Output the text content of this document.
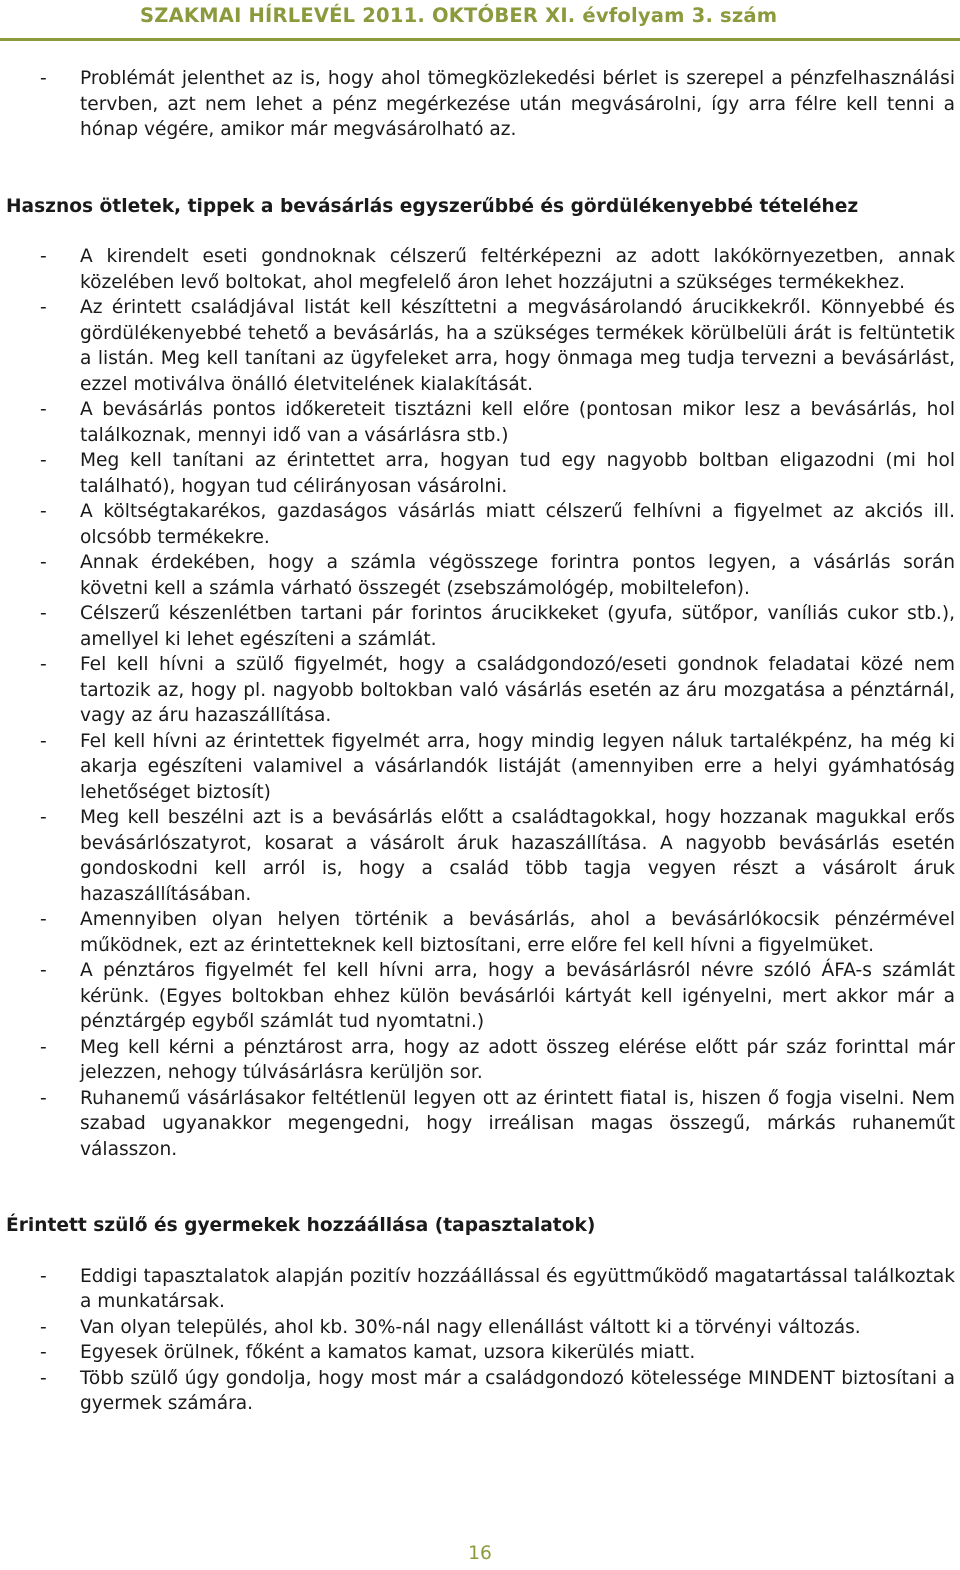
SZAKMAI HÍRLEVÉL 2011. OKTÓBER XI. évfolyam 3. szám
- Problémát jelenthet az is, hogy ahol tömegközlekedési bérlet is szerepel a pénzfelhasználási tervben, azt nem lehet a pénz megérkezése után megvásárolni, így arra félre kell tenni a hónap végére, amikor már megvásárolható az.
Hasznos ötletek, tippek a bevásárlás egyszerűbbé és gördülékenyebbé tételéhez
- A kirendelt eseti gondnoknak célszerű feltérképezni az adott lakókörnyezetben, annak közelében levő boltokat, ahol megfelelő áron lehet hozzájutni a szükséges termékekhez.
- Az érintett családjával listát kell készíttetni a megvásárolandó árucikkekről. Könnyebbé és gördülékenyebbé tehető a bevásárlás, ha a szükséges termékek körülbelüli árát is feltüntetik a listán. Meg kell tanítani az ügyfeleket arra, hogy önmaga meg tudja tervezni a bevásárlást, ezzel motiválva önálló életvitelének kialakítását.
- A bevásárlás pontos időkereteit tisztázni kell előre (pontosan mikor lesz a bevásárlás, hol találkoznak, mennyi idő van a vásárlásra stb.)
- Meg kell tanítani az érintettet arra, hogyan tud egy nagyobb boltban eligazodni (mi hol található), hogyan tud célirányosan vásárolni.
- A költségtakarékos, gazdaságos vásárlás miatt célszerű felhívni a figyelmet az akciós ill. olcsóbb termékekre.
- Annak érdekében, hogy a számla végösszege forintra pontos legyen, a vásárlás során követni kell a számla várható összegét (zsebszámológép, mobiltelefon).
- Célszerű készenlétben tartani pár forintos árucikkeket (gyufa, sütőpor, vaníliás cukor stb.), amellyel ki lehet egészíteni a számlát.
- Fel kell hívni a szülő figyelmét, hogy a családgondozó/eseti gondnok feladatai közé nem tartozik az, hogy pl. nagyobb boltokban való vásárlás esetén az áru mozgatása a pénztárnál, vagy az áru hazaszállítása.
- Fel kell hívni az érintettek figyelmét arra, hogy mindig legyen náluk tartalékpénz, ha még ki akarja egészíteni valamivel a vásárlandók listáját (amennyiben erre a helyi gyámhatóság lehetőséget biztosít)
- Meg kell beszélni azt is a bevásárlás előtt a családtagokkal, hogy hozzanak magukkal erős bevásárlószatyrot, kosarat a vásárolt áruk hazaszállítása. A nagyobb bevásárlás esetén gondoskodni kell arról is, hogy a család több tagja vegyen részt a vásárolt áruk hazaszállításában.
- Amennyiben olyan helyen történik a bevásárlás, ahol a bevásárlókocsik pénzérmével működnek, ezt az érintetteknek kell biztosítani, erre előre fel kell hívni a figyelmüket.
- A pénztáros figyelmét fel kell hívni arra, hogy a bevásárlásról névre szóló ÁFA-s számlát kérünk. (Egyes boltokban ehhez külön bevásárlói kártyát kell igényelni, mert akkor már a pénztárgép egyből számlát tud nyomtatni.)
- Meg kell kérni a pénztárost arra, hogy az adott összeg elérése előtt pár száz forinttal már jelezzen, nehogy túlvásárlásra kerüljön sor.
- Ruhanemű vásárlásakor feltétlenül legyen ott az érintett fiatal is, hiszen ő fogja viselni. Nem szabad ugyanakkor megengedni, hogy irreálisan magas összegű, márkás ruhaneműt válasszon.
Érintett szülő és gyermekek hozzáállása (tapasztalatok)
- Eddigi tapasztalatok alapján pozitív hozzáállással és együttműködő magatartással találkoztak a munkatársak.
- Van olyan település, ahol kb. 30%-nál nagy ellenállást váltott ki a törvényi változás.
- Egyesek örülnek, főként a kamatos kamat, uzsora kikerülés miatt.
- Több szülő úgy gondolja, hogy most már a családgondozó kötelessége MINDENT biztosítani a gyermek számára.
16
